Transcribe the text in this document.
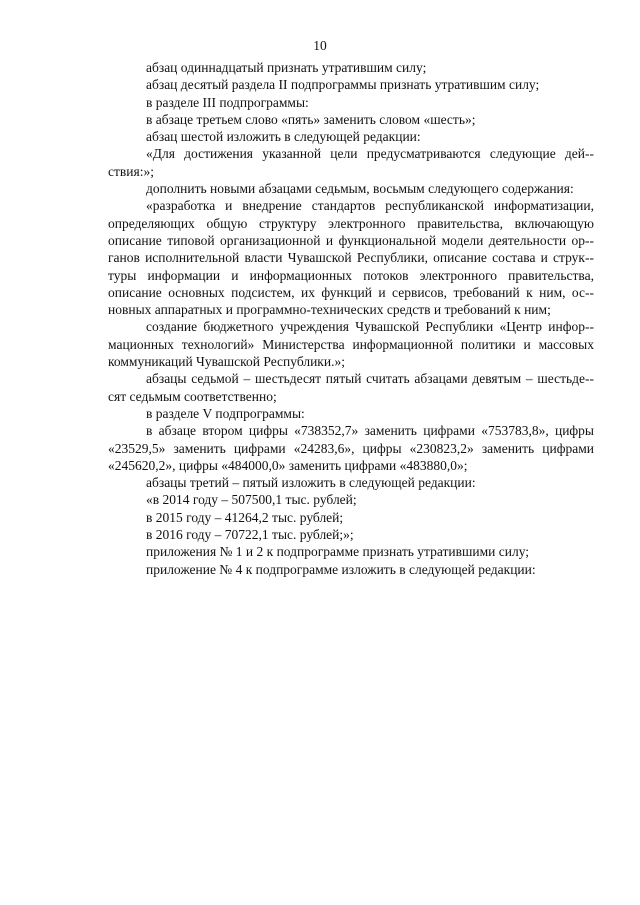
10

абзац одиннадцатый признать утратившим силу;

абзац десятый раздела II подпрограммы признать утратившим силу;

в разделе III подпрограммы:

в абзаце третьем слово «пять» заменить словом «шесть»;

абзац шестой изложить в следующей редакции:

«Для достижения указанной цели предусматриваются следующие дей-ствия:»;

дополнить новыми абзацами седьмым, восьмым следующего содержания:

«разработка и внедрение стандартов республиканской информатизации, определяющих общую структуру электронного правительства, включающую описание типовой организационной и функциональной модели деятельности ор-ганов исполнительной власти Чувашской Республики, описание состава и струк-туры информации и информационных потоков электронного правительства, описание основных подсистем, их функций и сервисов, требований к ним, ос-новных аппаратных и программно-технических средств и требований к ним;

создание бюджетного учреждения Чувашской Республики «Центр инфор-мационных технологий» Министерства информационной политики и массовых коммуникаций Чувашской Республики.»;

абзацы седьмой – шестьдесят пятый считать абзацами девятым – шестьде-сят седьмым соответственно;

в разделе V подпрограммы:

в абзаце втором цифры «738352,7» заменить цифрами «753783,8», цифры «23529,5» заменить цифрами «24283,6», цифры «230823,2» заменить цифрами «245620,2», цифры «484000,0» заменить цифрами «483880,0»;

абзацы третий – пятый изложить в следующей редакции:

«в 2014 году – 507500,1 тыс. рублей;

в 2015 году – 41264,2 тыс. рублей;

в 2016 году – 70722,1 тыс. рублей;»;

приложения № 1 и 2 к подпрограмме признать утратившими силу;

приложение № 4 к подпрограмме изложить в следующей редакции:
